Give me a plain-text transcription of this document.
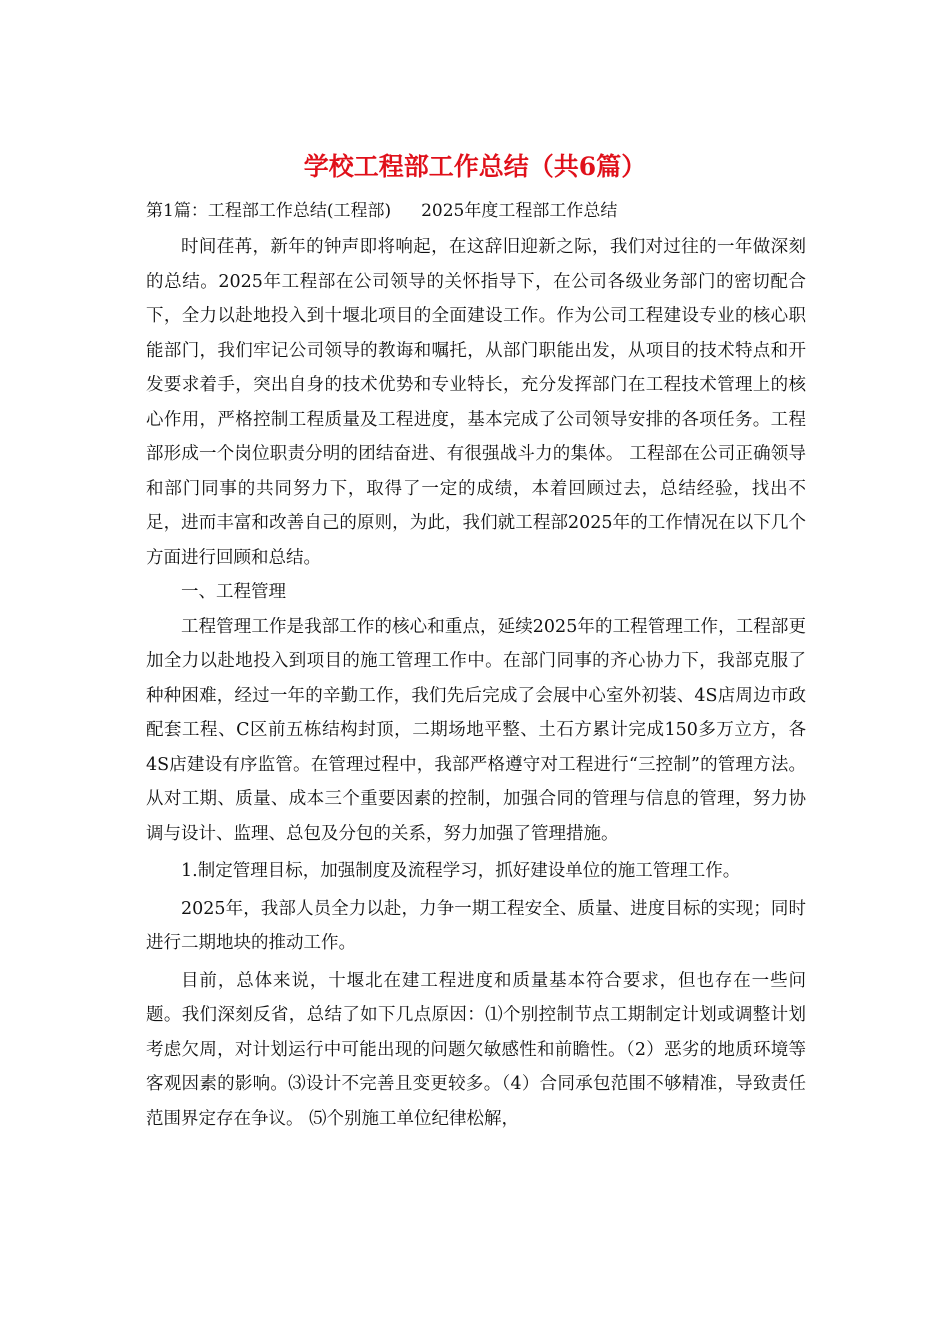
学校工程部工作总结（共6篇）
第1篇：工程部工作总结(工程部) 2025年度工程部工作总结

时间荏苒，新年的钟声即将响起，在这辞旧迎新之际，我们对过往的一年做深刻的总结。2025年工程部在公司领导的关怀指导下，在公司各级业务部门的密切配合下，全力以赴地投入到十堰北项目的全面建设工作。作为公司工程建设专业的核心职能部门，我们牢记公司领导的教诲和嘱托，从部门职能出发，从项目的技术特点和开发要求着手，突出自身的技术优势和专业特长，充分发挥部门在工程技术管理上的核心作用，严格控制工程质量及工程进度，基本完成了公司领导安排的各项任务。工程部形成一个岗位职责分明的团结奋进、有很强战斗力的集体。 工程部在公司正确领导和部门同事的共同努力下，取得了一定的成绩，本着回顾过去，总结经验，找出不足，进而丰富和改善自己的原则，为此，我们就工程部2025年的工作情况在以下几个方面进行回顾和总结。

一、工程管理

工程管理工作是我部工作的核心和重点，延续2025年的工程管理工作，工程部更加全力以赴地投入到项目的施工管理工作中。在部门同事的齐心协力下，我部克服了种种困难，经过一年的辛勤工作，我们先后完成了会展中心室外初装、4S店周边市政配套工程、C区前五栋结构封顶，二期场地平整、土石方累计完成150多万立方，各4S店建设有序监管。在管理过程中，我部严格遵守对工程进行“三控制”的管理方法。从对工期、质量、成本三个重要因素的控制，加强合同的管理与信息的管理，努力协调与设计、监理、总包及分包的关系，努力加强了管理措施。

1.制定管理目标，加强制度及流程学习，抓好建设单位的施工管理工作。

2025年，我部人员全力以赴，力争一期工程安全、质量、进度目标的实现；同时进行二期地块的推动工作。

目前，总体来说，十堰北在建工程进度和质量基本符合要求，但也存在一些问题。我们深刻反省，总结了如下几点原因：⑴个别控制节点工期制定计划或调整计划考虑欠周，对计划运行中可能出现的问题欠敏感性和前瞻性。（2）恶劣的地质环境等客观因素的影响。⑶设计不完善且变更较多。（4）合同承包范围不够精准，导致责任范围界定存在争议。 ⑸个别施工单位纪律松解，
